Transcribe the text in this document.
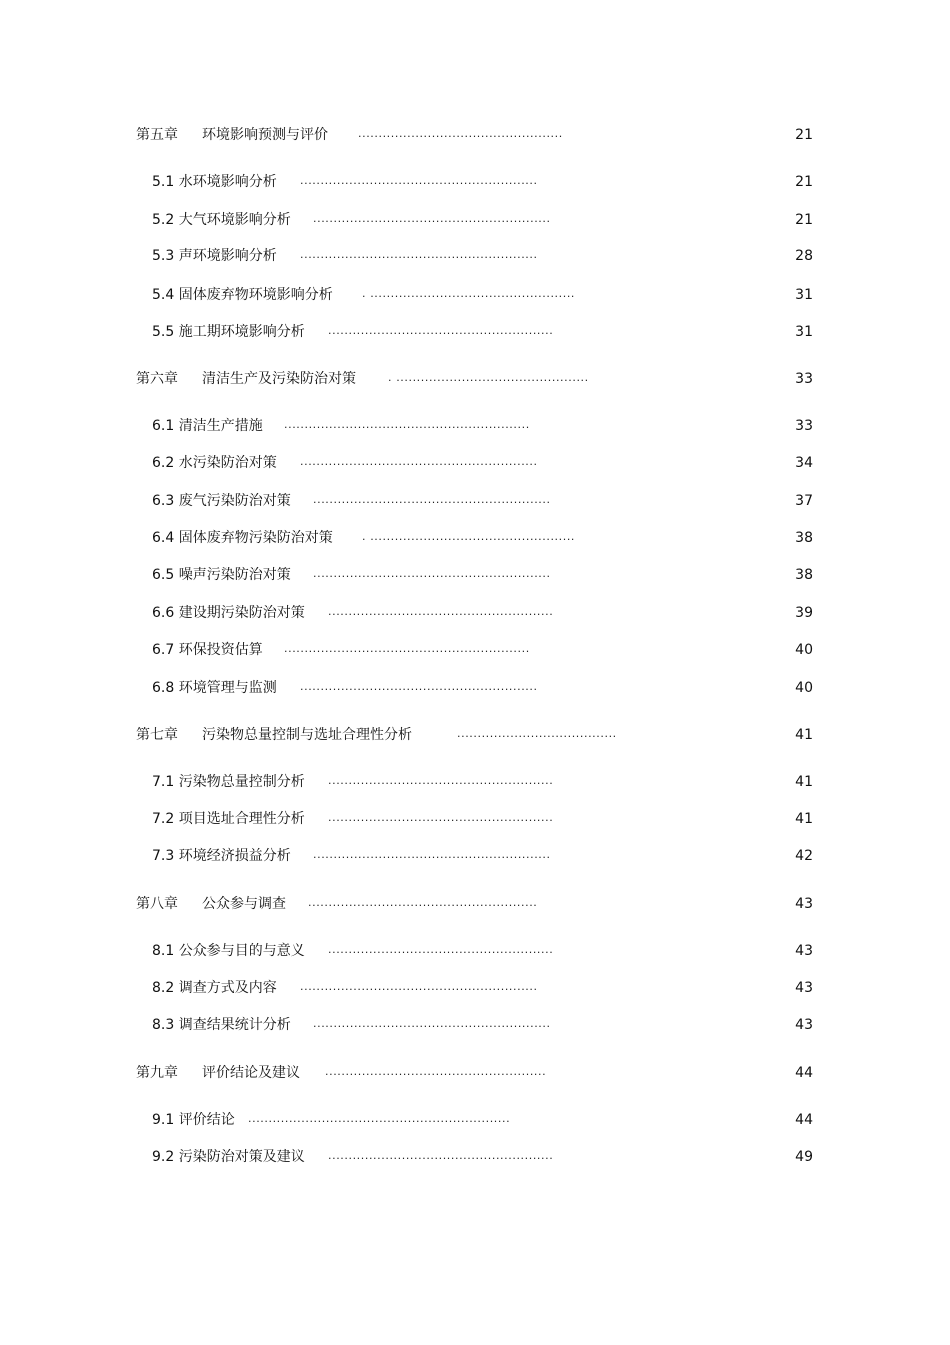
第五章 环境影响预测与评价	..................................................	21
5.1 水环境影响分析 ..........................................................	21
5.2 大气环境影响分析 ..........................................................	21
5.3 声环境影响分析 ..........................................................	28
5.4 固体废弃物环境影响分析	. ..................................................	31
5.5 施工期环境影响分析 .......................................................	31
第六章 清洁生产及污染防治对策	. ...............................................	33
6.1 清洁生产措施 ............................................................	33
6.2 水污染防治对策 ..........................................................	34
6.3 废气污染防治对策 ..........................................................	37
6.4 固体废弃物污染防治对策	. ..................................................	38
6.5 噪声污染防治对策 ..........................................................	38
6.6 建设期污染防治对策 .......................................................	39
6.7 环保投资估算 ............................................................	40
6.8 环境管理与监测 ..........................................................	40
第七章 污染物总量控制与选址合理性分析	.......................................	41
7.1 污染物总量控制分析 .......................................................	41
7.2 项目选址合理性分析 .......................................................	41
7.3 环境经济损益分析 ..........................................................	42
第八章 公众参与调查 ........................................................	43
8.1 公众参与目的与意义 .......................................................	43
8.2 调查方式及内容 ..........................................................	43
8.3 调查结果统计分析 ..........................................................	43
第九章 评价结论及建议 ......................................................	44
9.1 评价结论 ................................................................	44
9.2 污染防治对策及建议 .......................................................	49
